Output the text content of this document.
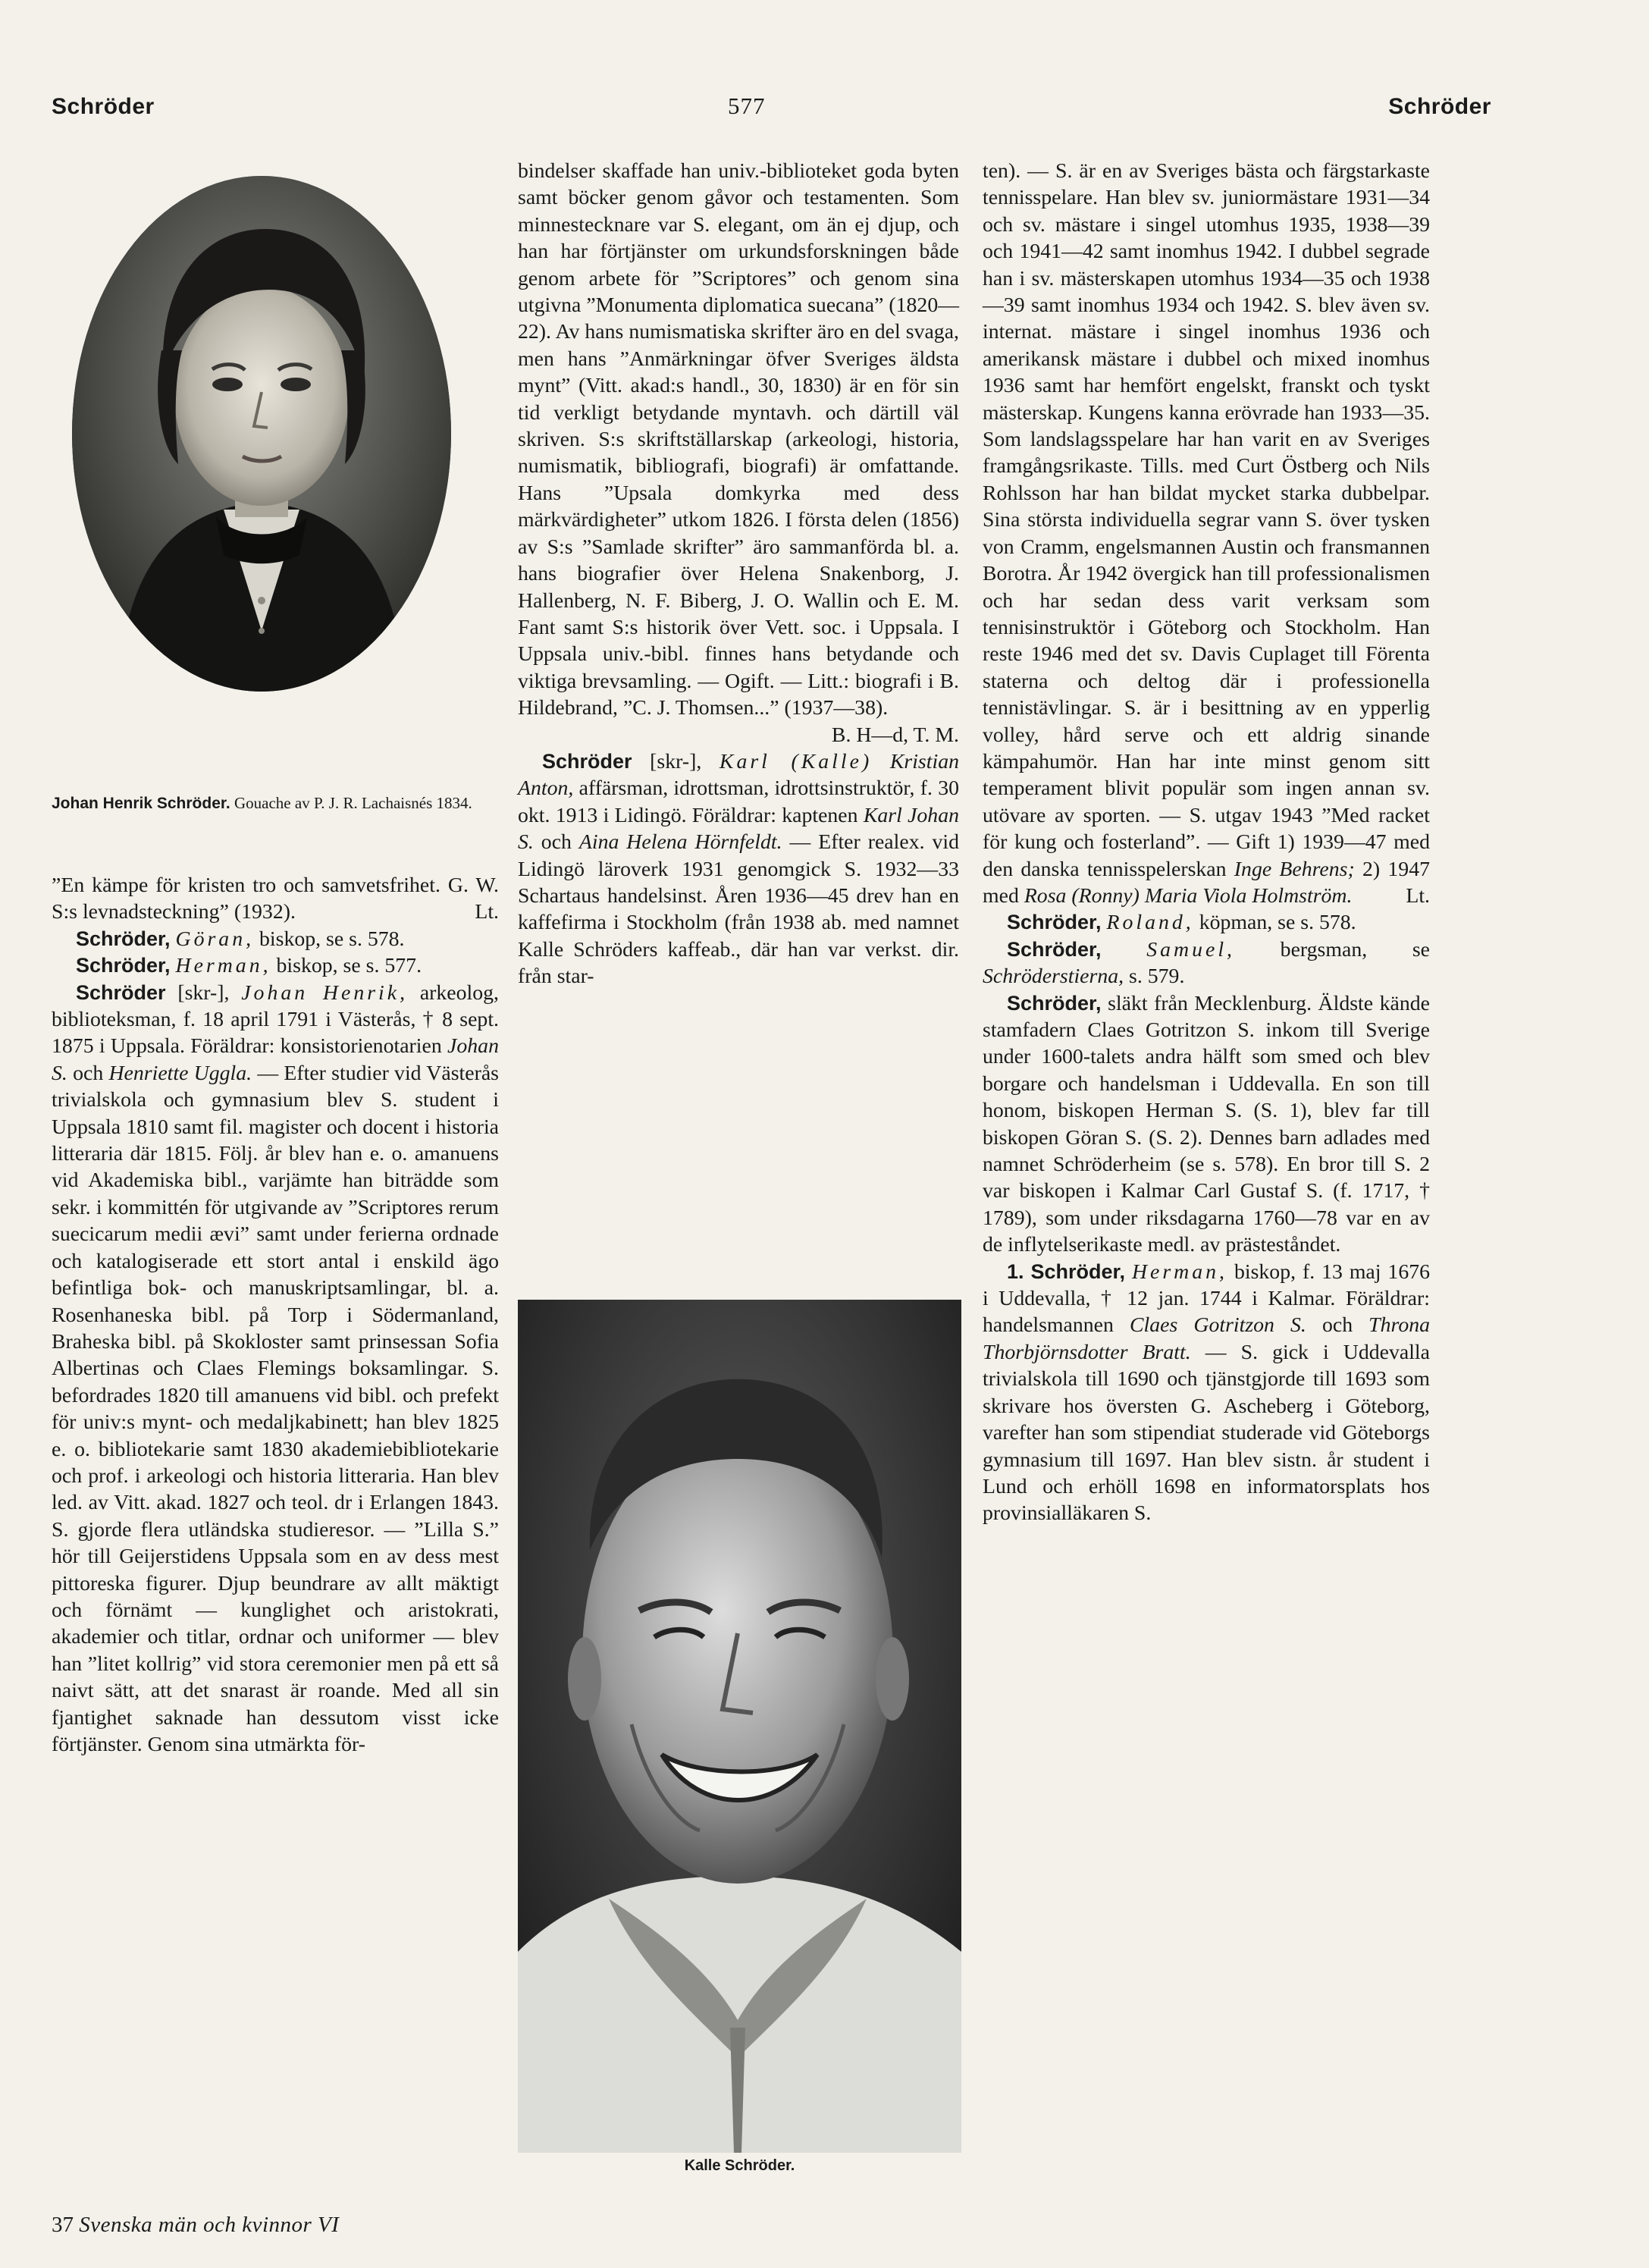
Schröder	577	Schröder
Johan Henrik Schröder. Gouache av P. J. R. Lachaisnés 1834.

”En kämpe för kristen tro och samvetsfrihet. G. W. S:s levnadsteckning” (1932).	Lt.

Schröder, Göran, biskop, se s. 578.

Schröder, Herman, biskop, se s. 577.

Schröder [skr-], Johan Henrik, arkeolog, biblioteksman, f. 18 april 1791 i Västerås, † 8 sept. 1875 i Uppsala. Föräldrar: konsistorienotarien Johan S. och Henriette Uggla. — Efter studier vid Västerås trivialskola och gymnasium blev S. student i Uppsala 1810 samt fil. magister och docent i historia litteraria där 1815. Följ. år blev han e. o. amanuens vid Akademiska bibl., varjämte han biträdde som sekr. i kommittén för utgivande av ”Scriptores rerum suecicarum medii ævi” samt under ferierna ordnade och katalogiserade ett stort antal i enskild ägo befintliga bok- och manuskriptsamlingar, bl. a. Rosenhaneska bibl. på Torp i Södermanland, Braheska bibl. på Skokloster samt prinsessan Sofia Albertinas och Claes Flemings boksamlingar. S. befordrades 1820 till amanuens vid bibl. och prefekt för univ:s mynt- och medaljkabinett; han blev 1825 e. o. bibliotekarie samt 1830 akademiebibliotekarie och prof. i arkeologi och historia litteraria. Han blev led. av Vitt. akad. 1827 och teol. dr i Erlangen 1843. S. gjorde flera utländska studieresor. — ”Lilla S.” hör till Geijerstidens Uppsala som en av dess mest pittoreska figurer. Djup beundrare av allt mäktigt och förnämt — kunglighet och aristokrati, akademier och titlar, ordnar och uniformer — blev han ”litet kollrig” vid stora ceremonier men på ett så naivt sätt, att det snarast är roande. Med all sin fjantighet saknade han dessutom visst icke förtjänster. Genom sina utmärkta för-

bindelser skaffade han univ.-biblioteket goda byten samt böcker genom gåvor och testamenten. Som minnestecknare var S. elegant, om än ej djup, och han har förtjänster om urkundsforskningen både genom arbete för ”Scriptores” och genom sina utgivna ”Monumenta diplomatica suecana” (1820—22). Av hans numismatiska skrifter äro en del svaga, men hans ”Anmärkningar öfver Sveriges äldsta mynt” (Vitt. akad:s handl., 30, 1830) är en för sin tid verkligt betydande myntavh. och därtill väl skriven. S:s skriftställarskap (arkeologi, historia, numismatik, bibliografi, biografi) är omfattande. Hans ”Upsala domkyrka med dess märkvärdigheter” utkom 1826. I första delen (1856) av S:s ”Samlade skrifter” äro sammanförda bl. a. hans biografier över Helena Snakenborg, J. Hallenberg, N. F. Biberg, J. O. Wallin och E. M. Fant samt S:s historik över Vett. soc. i Uppsala. I Uppsala univ.-bibl. finnes hans betydande och viktiga brevsamling. — Ogift. — Litt.: biografi i B. Hildebrand, ”C. J. Thomsen...” (1937—38).

B. H—d, T. M.

Schröder [skr-], Karl (Kalle) Kristian Anton, affärsman, idrottsman, idrottsinstruktör, f. 30 okt. 1913 i Lidingö. Föräldrar: kaptenen Karl Johan S. och Aina Helena Hörnfeldt. — Efter realex. vid Lidingö läroverk 1931 genomgick S. 1932—33 Schartaus handelsinst. Åren 1936—45 drev han en kaffefirma i Stockholm (från 1938 ab. med namnet Kalle Schröders kaffeab., där han var verkst. dir. från star-

Kalle Schröder.

ten). — S. är en av Sveriges bästa och färgstarkaste tennisspelare. Han blev sv. juniormästare 1931—34 och sv. mästare i singel utomhus 1935, 1938—39 och 1941—42 samt inomhus 1942. I dubbel segrade han i sv. mästerskapen utomhus 1934—35 och 1938—39 samt inomhus 1934 och 1942. S. blev även sv. internat. mästare i singel inomhus 1936 och amerikansk mästare i dubbel och mixed inomhus 1936 samt har hemfört engelskt, franskt och tyskt mästerskap. Kungens kanna erövrade han 1933—35. Som landslagsspelare har han varit en av Sveriges framgångsrikaste. Tills. med Curt Östberg och Nils Rohlsson har han bildat mycket starka dubbelpar. Sina största individuella segrar vann S. över tysken von Cramm, engelsmannen Austin och fransmannen Borotra. År 1942 övergick han till professionalismen och har sedan dess varit verksam som tennisinstruktör i Göteborg och Stockholm. Han reste 1946 med det sv. Davis Cuplaget till Förenta staterna och deltog där i professionella tennistävlingar. S. är i besittning av en ypperlig volley, hård serve och ett aldrig sinande kämpahumör. Han har inte minst genom sitt temperament blivit populär som ingen annan sv. utövare av sporten. — S. utgav 1943 ”Med racket för kung och fosterland”. — Gift 1) 1939—47 med den danska tennisspelerskan Inge Behrens; 2) 1947 med Rosa (Ronny) Maria Viola Holmström.	Lt.

Schröder, Roland, köpman, se s. 578.

Schröder, Samuel, bergsman, se Schröderstierna, s. 579.

Schröder, släkt från Mecklenburg. Äldste kände stamfadern Claes Gotritzon S. inkom till Sverige under 1600-talets andra hälft som smed och blev borgare och handelsman i Uddevalla. En son till honom, biskopen Herman S. (S. 1), blev far till biskopen Göran S. (S. 2). Dennes barn adlades med namnet Schröderheim (se s. 578). En bror till S. 2 var biskopen i Kalmar Carl Gustaf S. (f. 1717, † 1789), som under riksdagarna 1760—78 var en av de inflytelserikaste medl. av prästeståndet.

1. Schröder, Herman, biskop, f. 13 maj 1676 i Uddevalla, † 12 jan. 1744 i Kalmar. Föräldrar: handelsmannen Claes Gotritzon S. och Throna Thorbjörnsdotter Bratt. — S. gick i Uddevalla trivialskola till 1690 och tjänstgjorde till 1693 som skrivare hos översten G. Ascheberg i Göteborg, varefter han som stipendiat studerade vid Göteborgs gymnasium till 1697. Han blev sistn. år student i Lund och erhöll 1698 en informatorsplats hos provinsialläkaren S.

37 Svenska män och kvinnor VI
